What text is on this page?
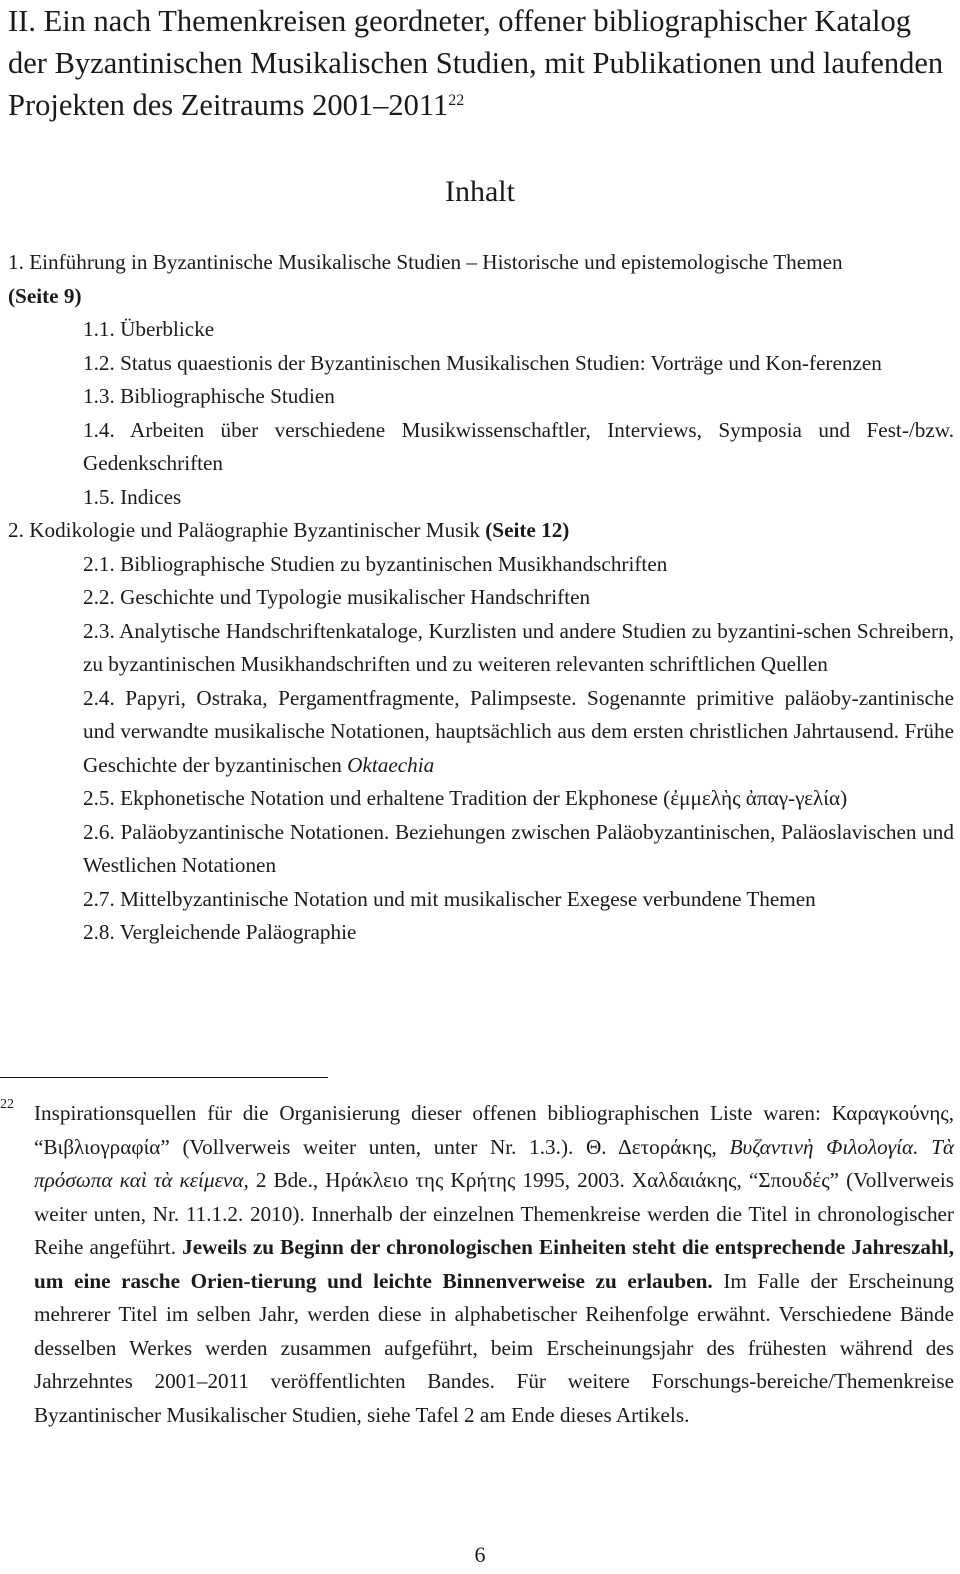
II. Ein nach Themenkreisen geordneter, offener bibliographischer Katalog der Byzantinischen Musikalischen Studien, mit Publikationen und laufenden Projekten des Zeitraums 2001–2011$^{22}$
Inhalt
1. Einführung in Byzantinische Musikalische Studien – Historische und epistemologische Themen
(Seite 9)
1.1. Überblicke
1.2. Status quaestionis der Byzantinischen Musikalischen Studien: Vorträge und Kon-ferenzen
1.3. Bibliographische Studien
1.4. Arbeiten über verschiedene Musikwissenschaftler, Interviews, Symposia und Fest-/bzw. Gedenkschriften
1.5. Indices
2. Kodikologie und Paläographie Byzantinischer Musik (Seite 12)
2.1. Bibliographische Studien zu byzantinischen Musikhandschriften
2.2. Geschichte und Typologie musikalischer Handschriften
2.3. Analytische Handschriftenkataloge, Kurzlisten und andere Studien zu byzantini-schen Schreibern, zu byzantinischen Musikhandschriften und zu weiteren relevanten schriftlichen Quellen
2.4. Papyri, Ostraka, Pergamentfragmente, Palimpseste. Sogenannte primitive paläoby-zantinische und verwandte musikalische Notationen, hauptsächlich aus dem ersten christlichen Jahrtausend. Frühe Geschichte der byzantinischen Oktaechia
2.5. Ekphonetische Notation und erhaltene Tradition der Ekphonese (ἐμμελὴς ἀπαγ-γελία)
2.6. Paläobyzantinische Notationen. Beziehungen zwischen Paläobyzantinischen, Paläoslavischen und Westlichen Notationen
2.7. Mittelbyzantinische Notation und mit musikalischer Exegese verbundene Themen
2.8. Vergleichende Paläographie
22 Inspirationsquellen für die Organisierung dieser offenen bibliographischen Liste waren: Καραγκούνης, “Βιβλιογραφία” (Vollverweis weiter unten, unter Nr. 1.3.). Θ. Δετοράκης, Βυζαντινὴ Φιλολογία. Τὰ πρόσωπα καὶ τὰ κείμενα, 2 Bde., Ηράκλειο της Κρήτης 1995, 2003. Χαλδαιάκης, “Σπουδές” (Vollverweis weiter unten, Nr. 11.1.2. 2010). Innerhalb der einzelnen Themenkreise werden die Titel in chronologischer Reihe angeführt. Jeweils zu Beginn der chronologischen Einheiten steht die entsprechende Jahreszahl, um eine rasche Orien-tierung und leichte Binnenverweise zu erlauben. Im Falle der Erscheinung mehrerer Titel im selben Jahr, werden diese in alphabetischer Reihenfolge erwähnt. Verschiedene Bände desselben Werkes werden zusammen aufgeführt, beim Erscheinungsjahr des frühesten während des Jahrzehntes 2001–2011 veröffentlichten Bandes. Für weitere Forschungs-bereiche/Themenkreise Byzantinischer Musikalischer Studien, siehe Tafel 2 am Ende dieses Artikels.
6
